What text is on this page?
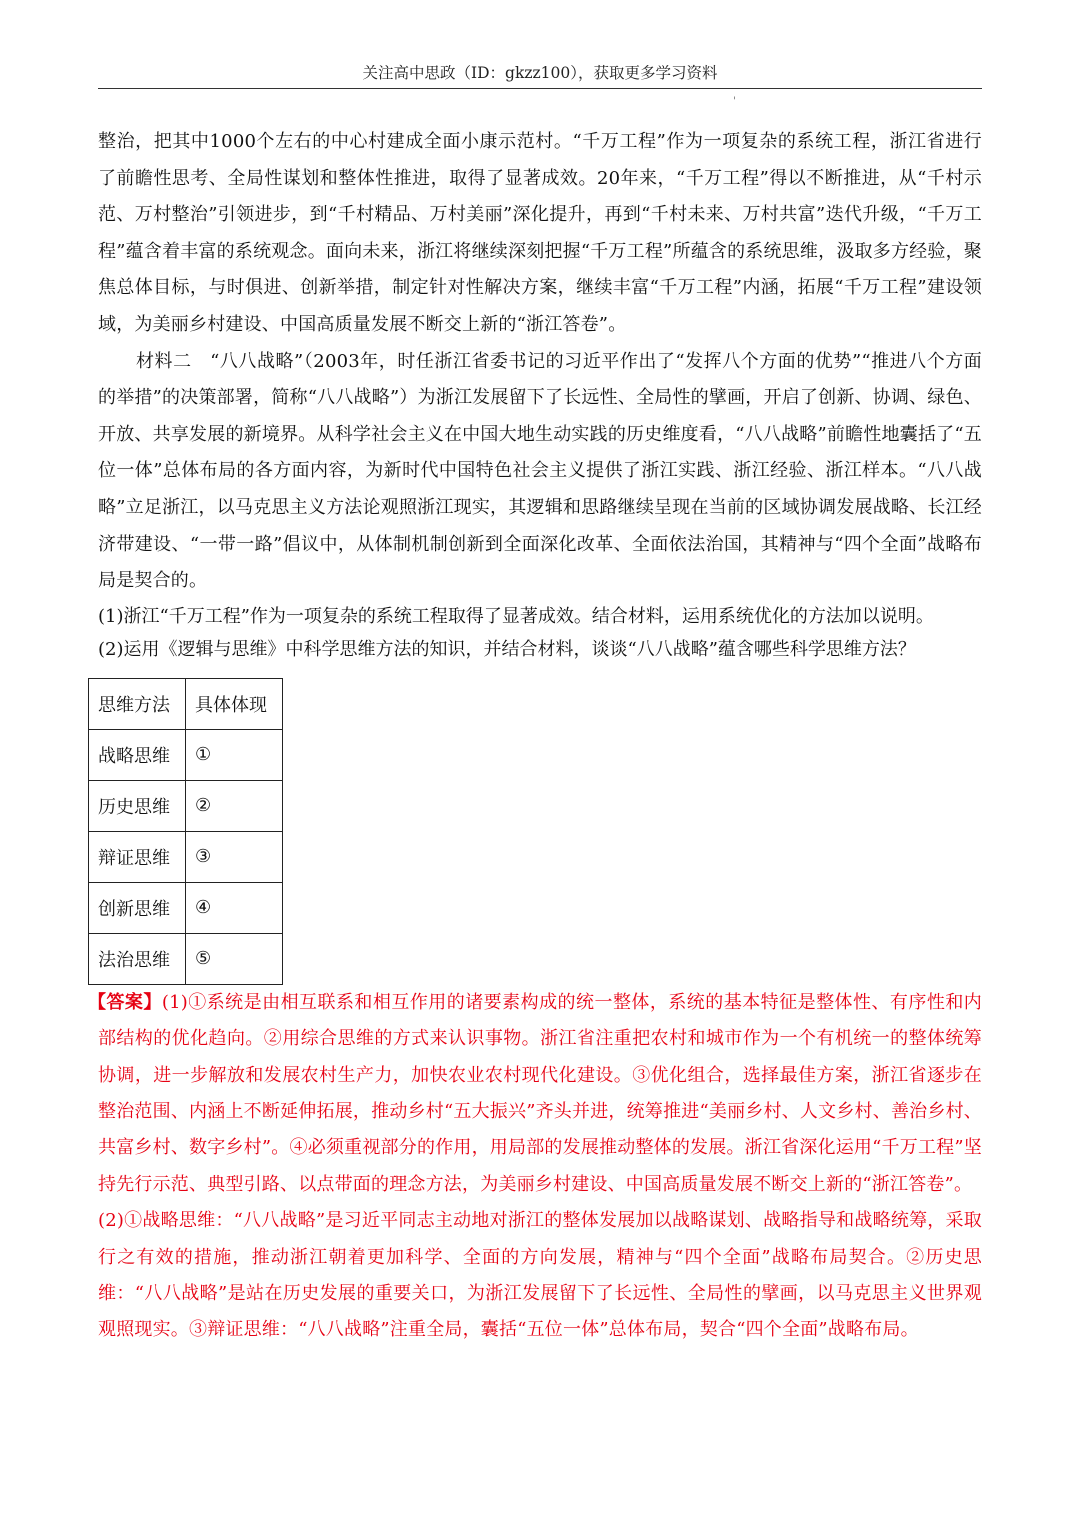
关注高中思政（ID：gkzz100），获取更多学习资料
'

整治，把其中1000个左右的中心村建成全面小康示范村。“千万工程”作为一项复杂的系统工程，浙江省进行了前瞻性思考、全局性谋划和整体性推进，取得了显著成效。20年来，“千万工程”得以不断推进，从“千村示范、万村整治”引领进步，到“千村精品、万村美丽”深化提升，再到“千村未来、万村共富”迭代升级，“千万工程”蕴含着丰富的系统观念。面向未来，浙江将继续深刻把握“千万工程”所蕴含的系统思维，汲取多方经验，聚焦总体目标，与时俱进、创新举措，制定针对性解决方案，继续丰富“千万工程”内涵，拓展“千万工程”建设领域，为美丽乡村建设、中国高质量发展不断交上新的“浙江答卷”。

材料二　“八八战略”（2003年，时任浙江省委书记的习近平作出了“发挥八个方面的优势”“推进八个方面的举措”的决策部署，简称“八八战略”）为浙江发展留下了长远性、全局性的擘画，开启了创新、协调、绿色、开放、共享发展的新境界。从科学社会主义在中国大地生动实践的历史维度看，“八八战略”前瞻性地囊括了“五位一体”总体布局的各方面内容，为新时代中国特色社会主义提供了浙江实践、浙江经验、浙江样本。“八八战略”立足浙江，以马克思主义方法论观照浙江现实，其逻辑和思路继续呈现在当前的区域协调发展战略、长江经济带建设、“一带一路”倡议中，从体制机制创新到全面深化改革、全面依法治国，其精神与“四个全面”战略布局是契合的。

(1)浙江“千万工程”作为一项复杂的系统工程取得了显著成效。结合材料，运用系统优化的方法加以说明。

(2)运用《逻辑与思维》中科学思维方法的知识，并结合材料，谈谈“八八战略”蕴含哪些科学思维方法？

思维方法	具体体现
战略思维	①
历史思维	②
辩证思维	③
创新思维	④
法治思维	⑤

【答案】(1)①系统是由相互联系和相互作用的诸要素构成的统一整体，系统的基本特征是整体性、有序性和内部结构的优化趋向。②用综合思维的方式来认识事物。浙江省注重把农村和城市作为一个有机统一的整体统筹协调，进一步解放和发展农村生产力，加快农业农村现代化建设。③优化组合，选择最佳方案，浙江省逐步在整治范围、内涵上不断延伸拓展，推动乡村“五大振兴”齐头并进，统筹推进“美丽乡村、人文乡村、善治乡村、共富乡村、数字乡村”。④必须重视部分的作用，用局部的发展推动整体的发展。浙江省深化运用“千万工程”坚持先行示范、典型引路、以点带面的理念方法，为美丽乡村建设、中国高质量发展不断交上新的“浙江答卷”。

(2)①战略思维：“八八战略”是习近平同志主动地对浙江的整体发展加以战略谋划、战略指导和战略统筹，采取行之有效的措施，推动浙江朝着更加科学、全面的方向发展，精神与“四个全面”战略布局契合。②历史思维：“八八战略”是站在历史发展的重要关口，为浙江发展留下了长远性、全局性的擘画，以马克思主义世界观观照现实。③辩证思维：“八八战略”注重全局，囊括“五位一体”总体布局，契合“四个全面”战略布局。
